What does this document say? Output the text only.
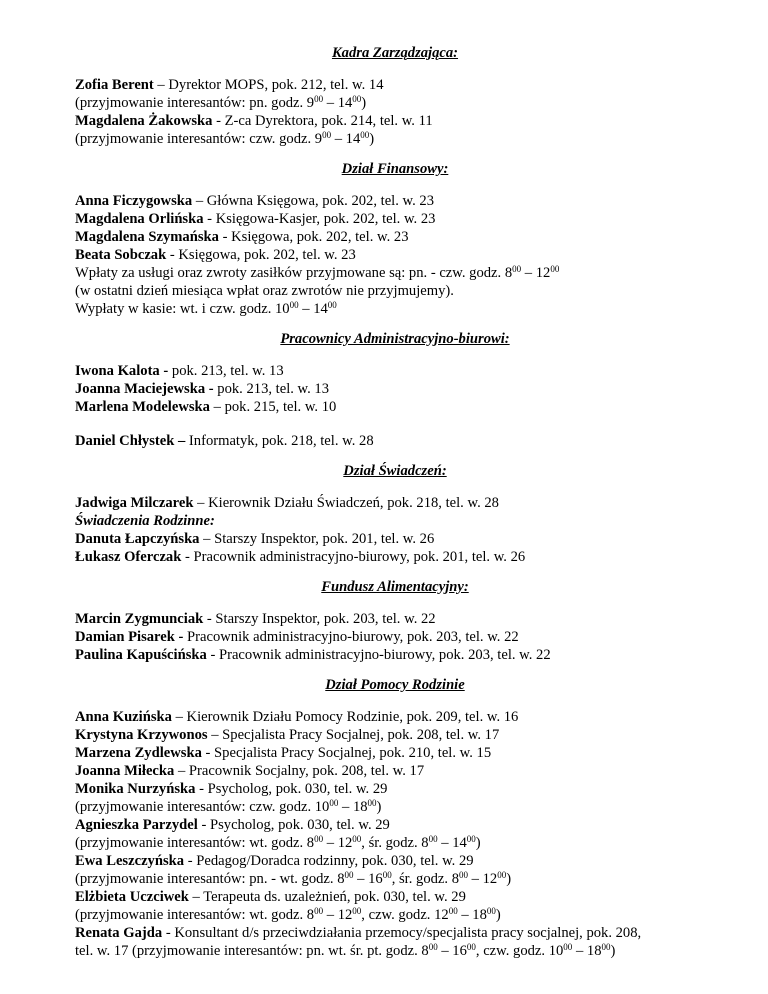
Kadra Zarządzająca:
Zofia Berent – Dyrektor MOPS, pok. 212, tel. w. 14
(przyjmowanie interesantów: pn. godz. $9^{00} - 14^{00}$)
Magdalena Żakowska - Z-ca Dyrektora, pok. 214, tel. w. 11
(przyjmowanie interesantów: czw. godz. $9^{00} - 14^{00}$)
Dział Finansowy:
Anna Ficzygowska – Główna Księgowa, pok. 202, tel. w. 23
Magdalena Orlińska - Księgowa-Kasjer, pok. 202, tel. w. 23
Magdalena Szymańska - Księgowa, pok. 202, tel. w. 23
Beata Sobczak - Księgowa, pok. 202, tel. w. 23
Wpłaty za usługi oraz zwroty zasiłków przyjmowane są: pn. - czw. godz. $8^{00} - 12^{00}$
(w ostatni dzień miesiąca wpłat oraz zwrotów nie przyjmujemy).
Wypłaty w kasie: wt. i czw. godz. $10^{00} - 14^{00}$
Pracownicy Administracyjno-biurowi:
Iwona Kalota - pok. 213, tel. w. 13
Joanna Maciejewska - pok. 213, tel. w. 13
Marlena Modelewska – pok. 215, tel. w. 10
Daniel Chłystek – Informatyk, pok. 218, tel. w. 28
Dział Świadczeń:
Jadwiga Milczarek – Kierownik Działu Świadczeń, pok. 218, tel. w. 28
Świadczenia Rodzinne:
Danuta Łapczyńska – Starszy Inspektor, pok. 201, tel. w. 26
Łukasz Oferczak - Pracownik administracyjno-biurowy, pok. 201, tel. w. 26
Fundusz Alimentacyjny:
Marcin Zygmunciak - Starszy Inspektor, pok. 203, tel. w. 22
Damian Pisarek - Pracownik administracyjno-biurowy, pok. 203, tel. w. 22
Paulina Kapuścińska - Pracownik administracyjno-biurowy, pok. 203, tel. w. 22
Dział Pomocy Rodzinie
Anna Kuzińska – Kierownik Działu Pomocy Rodzinie, pok. 209, tel. w. 16
Krystyna Krzywonos – Specjalista Pracy Socjalnej, pok. 208, tel. w. 17
Marzena Zydlewska - Specjalista Pracy Socjalnej, pok. 210, tel. w. 15
Joanna Miłecka – Pracownik Socjalny, pok. 208, tel. w. 17
Monika Nurzyńska - Psycholog, pok. 030, tel. w. 29
(przyjmowanie interesantów: czw. godz. $10^{00} - 18^{00}$)
Agnieszka Parzydel - Psycholog, pok. 030, tel. w. 29
(przyjmowanie interesantów: wt. godz. $8^{00} - 12^{00}$, śr. godz. $8^{00} - 14^{00}$)
Ewa Leszczyńska - Pedagog/Doradca rodzinny, pok. 030, tel. w. 29
(przyjmowanie interesantów: pn. - wt. godz. $8^{00} - 16^{00}$, śr. godz. $8^{00} - 12^{00}$)
Elżbieta Uczciwek – Terapeuta ds. uzależnień, pok. 030, tel. w. 29
(przyjmowanie interesantów: wt. godz. $8^{00} - 12^{00}$, czw. godz. $12^{00} - 18^{00}$)
Renata Gajda - Konsultant d/s przeciwdziałania przemocy/specjalista pracy socjalnej, pok. 208,
tel. w. 17 (przyjmowanie interesantów: pn. wt. śr. pt. godz. $8^{00} - 16^{00}$, czw. godz. $10^{00} - 18^{00}$)
